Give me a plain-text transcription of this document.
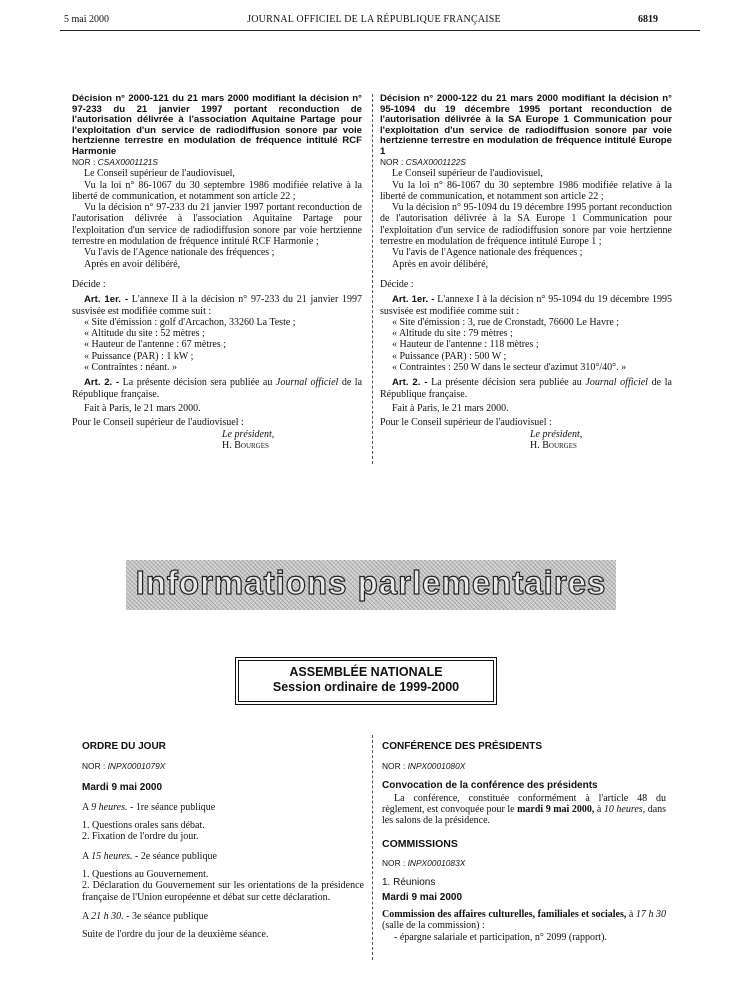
5 mai 2000	JOURNAL OFFICIEL DE LA RÉPUBLIQUE FRANÇAISE	6819

Décision n° 2000-121 du 21 mars 2000 modifiant la décision n° 97-233 du 21 janvier 1997 portant reconduction de l'autorisation délivrée à l'association Aquitaine Partage pour l'exploitation d'un service de radiodiffusion sonore par voie hertzienne terrestre en modulation de fréquence intitulé RCF Harmonie

NOR : CSAX0001121S

Le Conseil supérieur de l'audiovisuel,

Vu la loi n° 86-1067 du 30 septembre 1986 modifiée relative à la liberté de communication, et notamment son article 22 ;

Vu la décision n° 97-233 du 21 janvier 1997 portant reconduction de l'autorisation délivrée à l'association Aquitaine Partage pour l'exploitation d'un service de radiodiffusion sonore par voie hertzienne terrestre en modulation de fréquence intitulé RCF Harmonie ;

Vu l'avis de l'Agence nationale des fréquences ;

Après en avoir délibéré,

Décide :

Art. 1er. - L'annexe II à la décision n° 97-233 du 21 janvier 1997 susvisée est modifiée comme suit :

« Site d'émission : golf d'Arcachon, 33260 La Teste ;

« Altitude du site : 52 mètres ;

« Hauteur de l'antenne : 67 mètres ;

« Puissance (PAR) : 1 kW ;

« Contraintes : néant. »

Art. 2. - La présente décision sera publiée au Journal officiel de la République française.

Fait à Paris, le 21 mars 2000.

Pour le Conseil supérieur de l'audiovisuel :

Le président,

H. Bourges

Décision n° 2000-122 du 21 mars 2000 modifiant la décision n° 95-1094 du 19 décembre 1995 portant reconduction de l'autorisation délivrée à la SA Europe 1 Communication pour l'exploitation d'un service de radiodiffusion sonore par voie hertzienne terrestre en modulation de fréquence intitulé Europe 1

NOR : CSAX0001122S

Le Conseil supérieur de l'audiovisuel,

Vu la loi n° 86-1067 du 30 septembre 1986 modifiée relative à la liberté de communication, et notamment son article 22 ;

Vu la décision n° 95-1094 du 19 décembre 1995 portant reconduction de l'autorisation délivrée à la SA Europe 1 Communication pour l'exploitation d'un service de radiodiffusion sonore par voie hertzienne terrestre en modulation de fréquence intitulé Europe 1 ;

Vu l'avis de l'Agence nationale des fréquences ;

Après en avoir délibéré,

Décide :

Art. 1er. - L'annexe I à la décision n° 95-1094 du 19 décembre 1995 susvisée est modifiée comme suit :

« Site d'émission : 3, rue de Cronstadt, 76600 Le Havre ;

« Altitude du site : 79 mètres ;

« Hauteur de l'antenne : 118 mètres ;

« Puissance (PAR) : 500 W ;

« Contraintes : 250 W dans le secteur d'azimut 310°/40°. »

Art. 2. - La présente décision sera publiée au Journal officiel de la République française.

Fait à Paris, le 21 mars 2000.

Pour le Conseil supérieur de l'audiovisuel :

Le président,

H. Bourges

Informations parlementaires
ASSEMBLÉE NATIONALE
Session ordinaire de 1999-2000

ORDRE DU JOUR

NOR : INPX0001079X

Mardi 9 mai 2000

A 9 heures. - 1re séance publique

1. Questions orales sans débat.

2. Fixation de l'ordre du jour.

A 15 heures. - 2e séance publique

1. Questions au Gouvernement.

2. Déclaration du Gouvernement sur les orientations de la présidence française de l'Union européenne et débat sur cette déclaration.

A 21 h 30. - 3e séance publique

Suite de l'ordre du jour de la deuxième séance.

CONFÉRENCE DES PRÉSIDENTS

NOR : INPX0001080X

Convocation de la conférence des présidents

La conférence, constituée conformément à l'article 48 du règlement, est convoquée pour le mardi 9 mai 2000, à 10 heures, dans les salons de la présidence.

COMMISSIONS

NOR : INPX0001083X

1. Réunions

Mardi 9 mai 2000

Commission des affaires culturelles, familiales et sociales, à 17 h 30 (salle de la commission) :

- épargne salariale et participation, n° 2099 (rapport).
